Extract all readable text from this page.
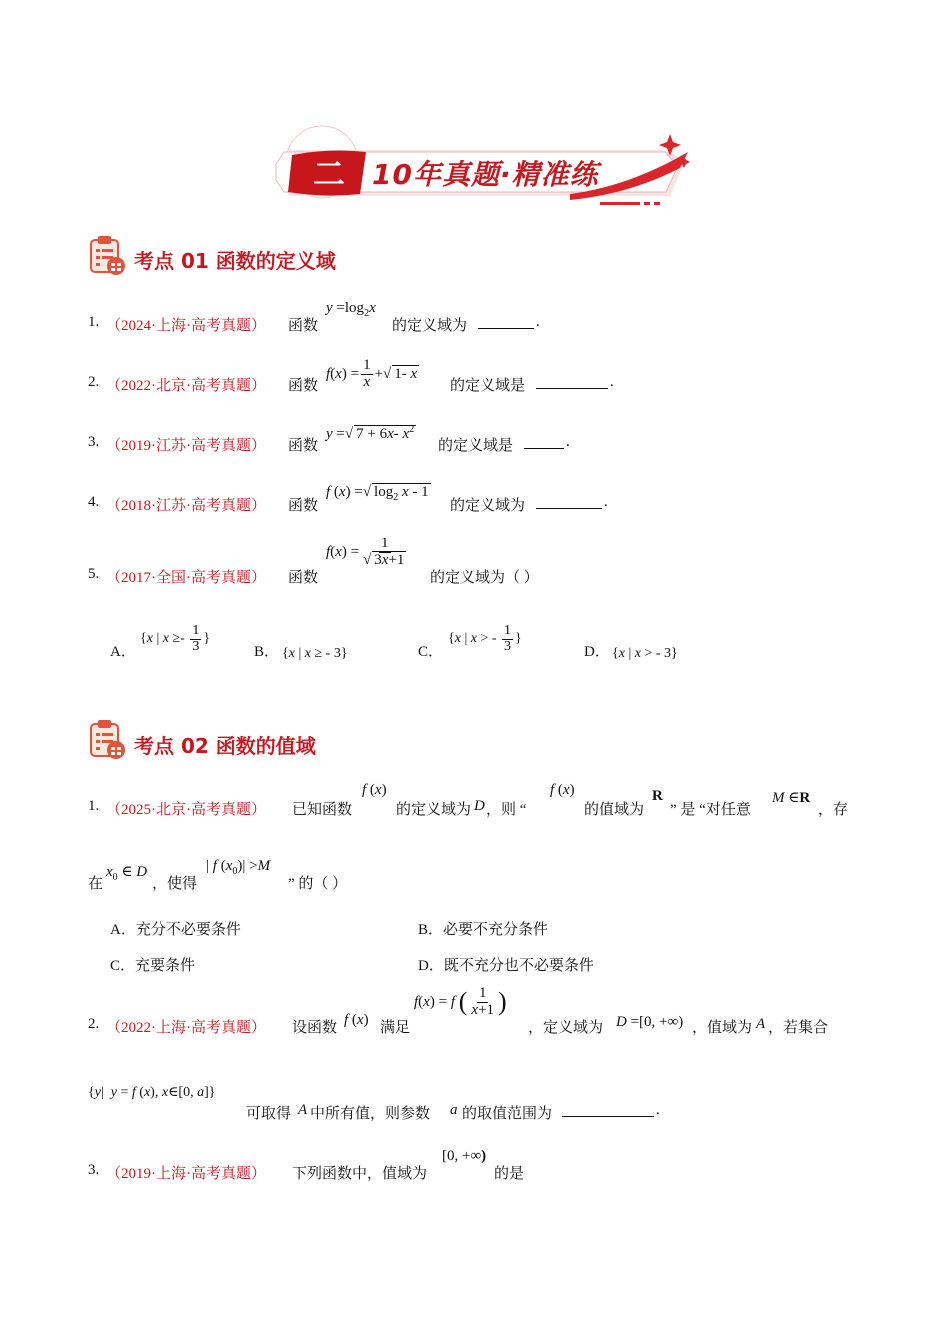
二 10年真题·精准练
考点 01 函数的定义域
1. （2024·上海·高考真题） 函数
$y =\log_2x$
的定义域为	.
2. （2022·北京·高考真题） 函数
f ( x ) = $\frac{1}{x}$ + √ 1- x
的定义域是	.
3. （2019·江苏·高考真题） 函数
y =√ 7 + 6x- $x^2$
的定义域是	.
4. （2018·江苏·高考真题） 函数
f (x) =√ $\log_2 x - 1$
的定义域为	.
5. （2017·全国·高考真题） 函数
f ( x ) = $\frac{1}{√ 3x+1}$
的定义域为（ ）
A．
{ x | $x \ge- \frac{1}{3}$ }
B． {x | x ≥ - 3}	C．
{ x | x > - $\frac{1}{3}$ }
D． {x | x > - 3}
考点 02 函数的值域
1. （2025·北京·高考真题） 已知函数
f (x)
的定义域为 D ，则 “
f (x)
的值域为
R
” 是 “对任意
M ∈R
，存
在
$x_0$ ∈ D
，使得
| f $(x_0)| >M$
” 的（ ）
A．充分不必要条件	B．必要不充分条件
C．充要条件	D．既不充分也不必要条件
2. （2022·上海·高考真题） 设函数 f (x) 满足
f ( x ) = f ( $\frac{1}{x+1}$ )
，定义域为 D =[0, +∞) ，值域为 A ，若集合
{y|  y = f (x), x∈[0, a]}
可取得 A 中所有值，则参数 a 的取值范围为	.
3. （2019·上海·高考真题） 下列函数中，值域为
[0, +∞)
的是
